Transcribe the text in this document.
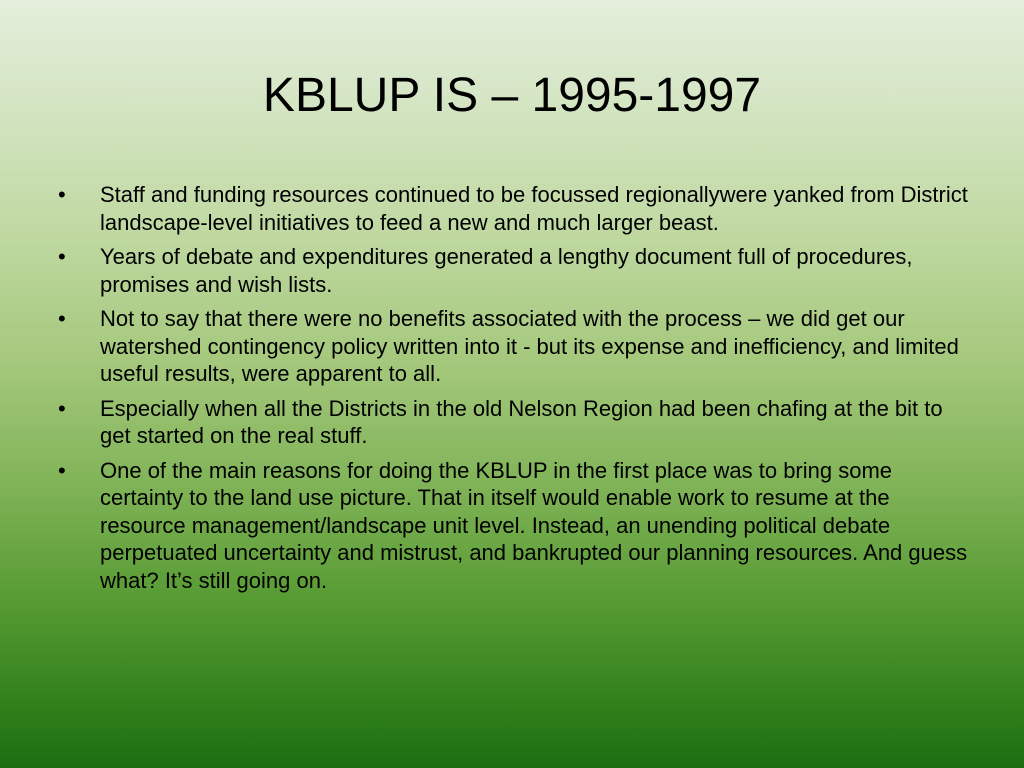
KBLUP IS – 1995-1997
• Staff and funding resources continued to be focussed regionallywere yanked from District landscape-level initiatives to feed a new and much larger beast.
• Years of debate and expenditures generated a lengthy document full of procedures, promises and wish lists.
• Not to say that there were no benefits associated with the process – we did get our watershed contingency policy written into it - but its expense and inefficiency, and limited useful results, were apparent to all.
• Especially when all the Districts in the old Nelson Region had been chafing at the bit to get started on the real stuff.
• One of the main reasons for doing the KBLUP in the first place was to bring some certainty to the land use picture. That in itself would enable work to resume at the resource management/landscape unit level. Instead, an unending political debate perpetuated uncertainty and mistrust, and bankrupted our planning resources. And guess what? It’s still going on.
